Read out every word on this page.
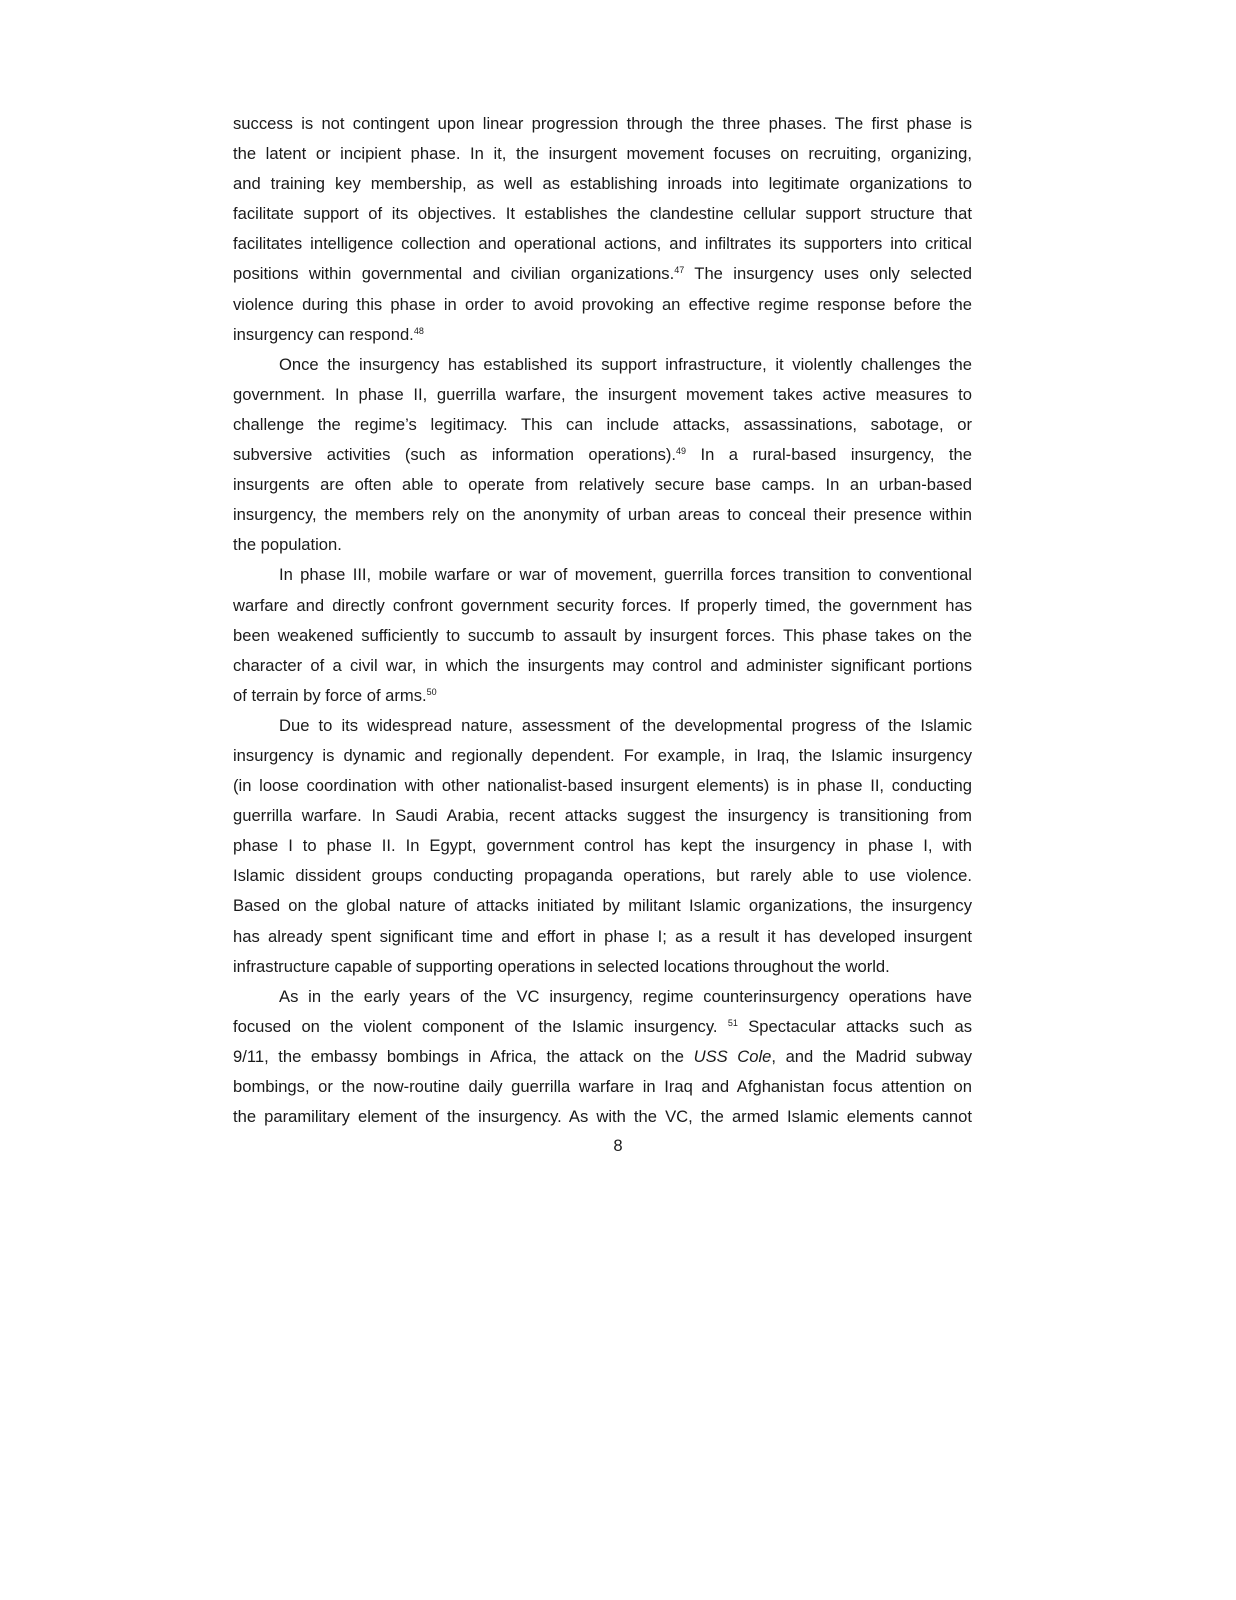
success is not contingent upon linear progression through the three phases. The first phase is
the latent or incipient phase. In it, the insurgent movement focuses on recruiting, organizing,
and training key membership, as well as establishing inroads into legitimate organizations to
facilitate support of its objectives. It establishes the clandestine cellular support structure that
facilitates intelligence collection and operational actions, and infiltrates its supporters into critical
positions within governmental and civilian organizations.$^{47}$ The insurgency uses only selected
violence during this phase in order to avoid provoking an effective regime response before the
insurgency can respond.$^{48}$
Once the insurgency has established its support infrastructure, it violently challenges the
government. In phase II, guerrilla warfare, the insurgent movement takes active measures to
challenge the regime’s legitimacy. This can include attacks, assassinations, sabotage, or
subversive activities (such as information operations).$^{49}$ In a rural-based insurgency, the
insurgents are often able to operate from relatively secure base camps. In an urban-based
insurgency, the members rely on the anonymity of urban areas to conceal their presence within
the population.
In phase III, mobile warfare or war of movement, guerrilla forces transition to conventional
warfare and directly confront government security forces. If properly timed, the government has
been weakened sufficiently to succumb to assault by insurgent forces. This phase takes on the
character of a civil war, in which the insurgents may control and administer significant portions
of terrain by force of arms.$^{50}$
Due to its widespread nature, assessment of the developmental progress of the Islamic
insurgency is dynamic and regionally dependent. For example, in Iraq, the Islamic insurgency
(in loose coordination with other nationalist-based insurgent elements) is in phase II, conducting
guerrilla warfare. In Saudi Arabia, recent attacks suggest the insurgency is transitioning from
phase I to phase II. In Egypt, government control has kept the insurgency in phase I, with
Islamic dissident groups conducting propaganda operations, but rarely able to use violence.
Based on the global nature of attacks initiated by militant Islamic organizations, the insurgency
has already spent significant time and effort in phase I; as a result it has developed insurgent
infrastructure capable of supporting operations in selected locations throughout the world.
As in the early years of the VC insurgency, regime counterinsurgency operations have
focused on the violent component of the Islamic insurgency. $^{51}$ Spectacular attacks such as
9/11, the embassy bombings in Africa, the attack on the USS Cole, and the Madrid subway
bombings, or the now-routine daily guerrilla warfare in Iraq and Afghanistan focus attention on
the paramilitary element of the insurgency. As with the VC, the armed Islamic elements cannot
8
